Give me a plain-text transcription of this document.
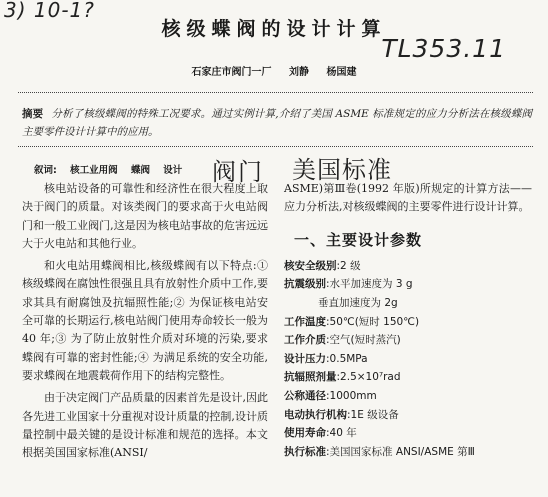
3) 10-1?
TL353.11
核级蝶阀的设计计算
石家庄市阀门一厂 刘静 杨国建
摘要 分析了核级蝶阀的特殊工况要求。通过实例计算,介绍了美国 ASME 标准规定的应力分析法在核级蝶阀主要零件设计计算中的应用。
叙词: 核工业用阀 蝶阀 设计	阀门 美国标准

核电站设备的可靠性和经济性在很大程度上取决于阀门的质量。对该类阀门的要求高于火电站阀门和一般工业阀门,这是因为核电站事故的危害远远大于火电站和其他行业。

和火电站用蝶阀相比,核级蝶阀有以下特点:① 核级蝶阀在腐蚀性很强且具有放射性介质中工作,要求其具有耐腐蚀及抗辐照性能;② 为保证核电站安全可靠的长期运行,核电站阀门使用寿命较长一般为 40 年;③ 为了防止放射性介质对环境的污染,要求蝶阀有可靠的密封性能;④ 为满足系统的安全功能,要求蝶阀在地震载荷作用下的结构完整性。

由于决定阀门产品质量的因素首先是设计,因此各先进工业国家十分重视对设计质量的控制,设计质量控制中最关键的是设计标准和规范的选择。本文根据美国国家标准(ANSI/

ASME)第Ⅲ卷(1992 年版)所规定的计算方法——应力分析法,对核级蝶阀的主要零件进行设计计算。

一、主要设计参数
核安全级别:2 级
抗震级别:水平加速度为 3 g
垂直加速度为 2g
工作温度:50℃(短时 150℃)
工作介质:空气(短时蒸汽)
设计压力:0.5MPa
抗辐照剂量:2.5×10⁷rad
公称通径:1000mm
电动执行机构:1E 级设备
使用寿命:40 年
执行标准:美国国家标准 ANSI/ASME 第Ⅲ
